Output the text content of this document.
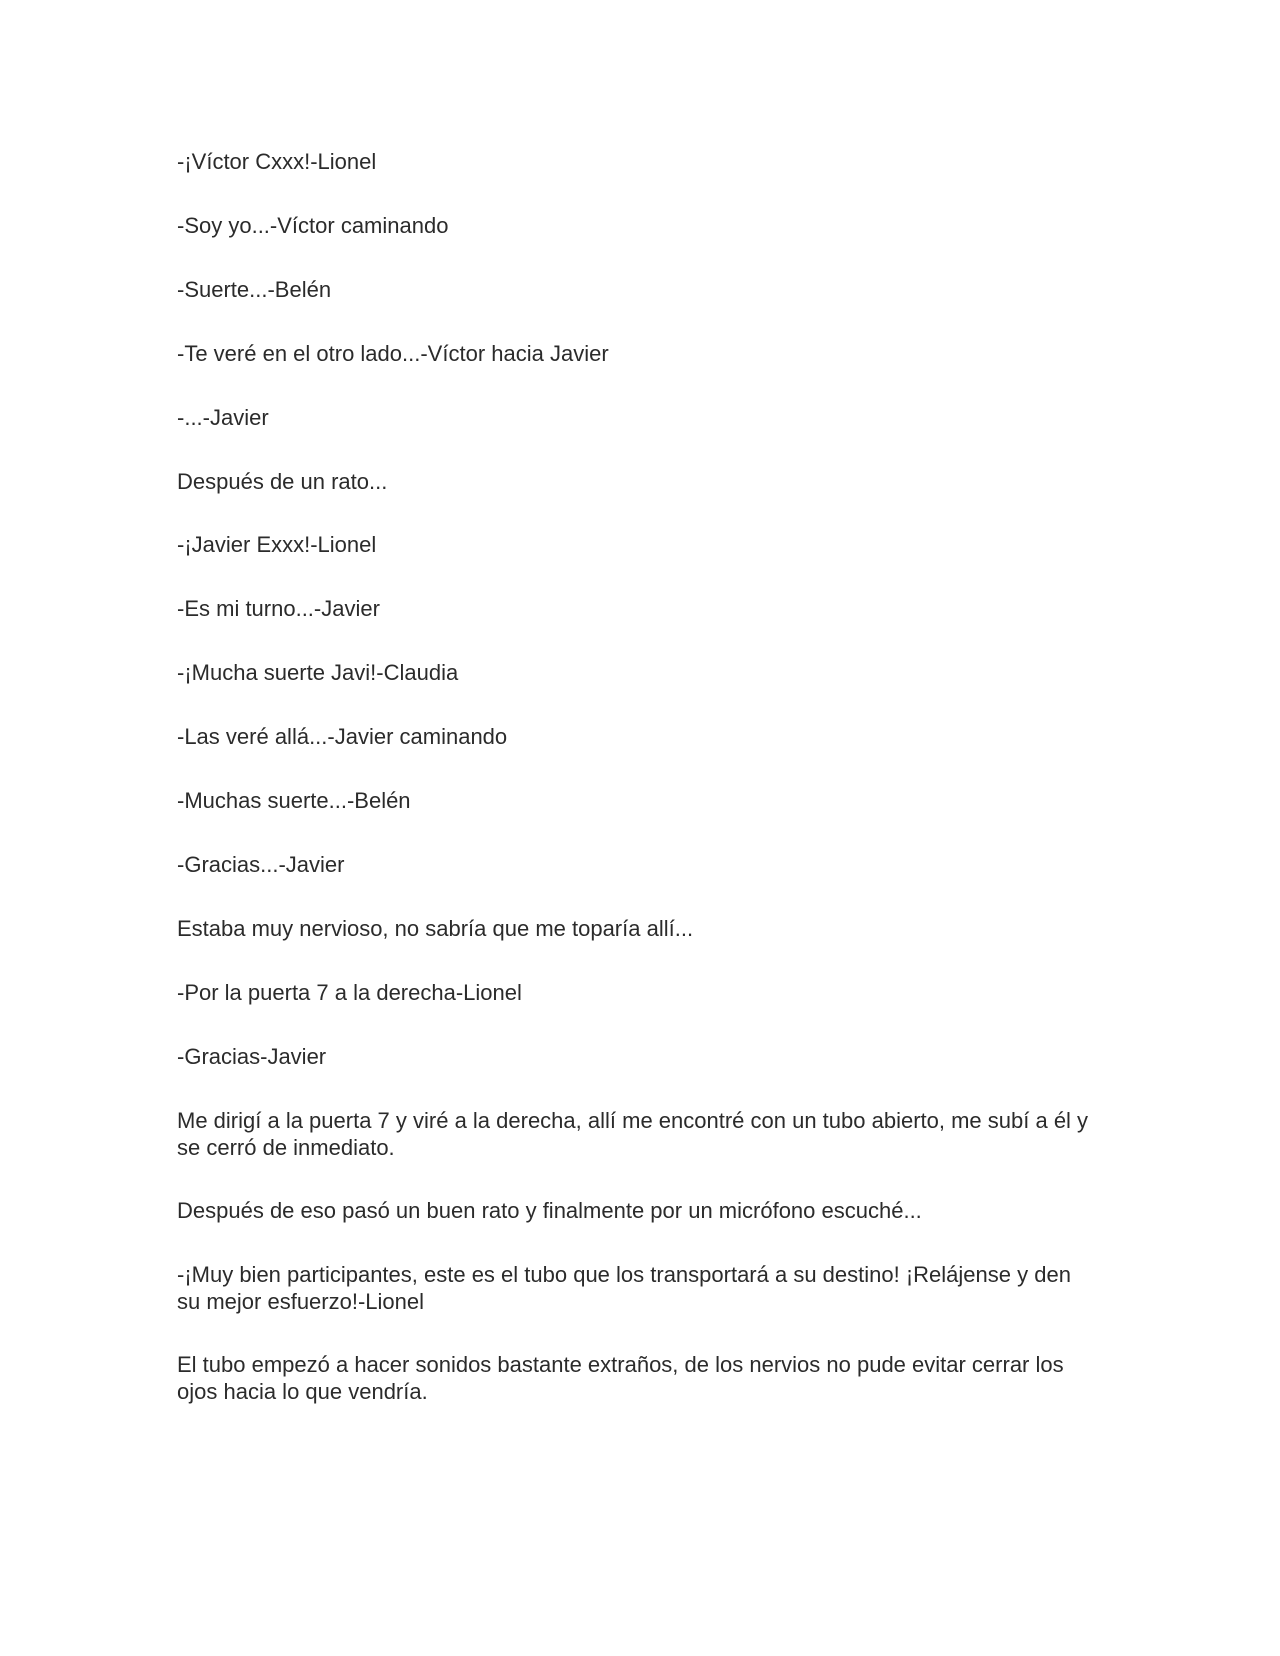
-¡Víctor Cxxx!-Lionel

-Soy yo...-Víctor caminando

-Suerte...-Belén

-Te veré en el otro lado...-Víctor hacia Javier

-...-Javier

Después de un rato...

-¡Javier Exxx!-Lionel

-Es mi turno...-Javier

-¡Mucha suerte Javi!-Claudia

-Las veré allá...-Javier caminando

-Muchas suerte...-Belén

-Gracias...-Javier

Estaba muy nervioso, no sabría que me toparía allí...

-Por la puerta 7 a la derecha-Lionel

-Gracias-Javier

Me dirigí a la puerta 7 y viré a la derecha, allí me encontré con un tubo abierto, me subí a él y se cerró de inmediato.

Después de eso pasó un buen rato y finalmente por un micrófono escuché...

-¡Muy bien participantes, este es el tubo que los transportará a su destino! ¡Relájense y den su mejor esfuerzo!-Lionel

El tubo empezó a hacer sonidos bastante extraños, de los nervios no pude evitar cerrar los ojos hacia lo que vendría.
